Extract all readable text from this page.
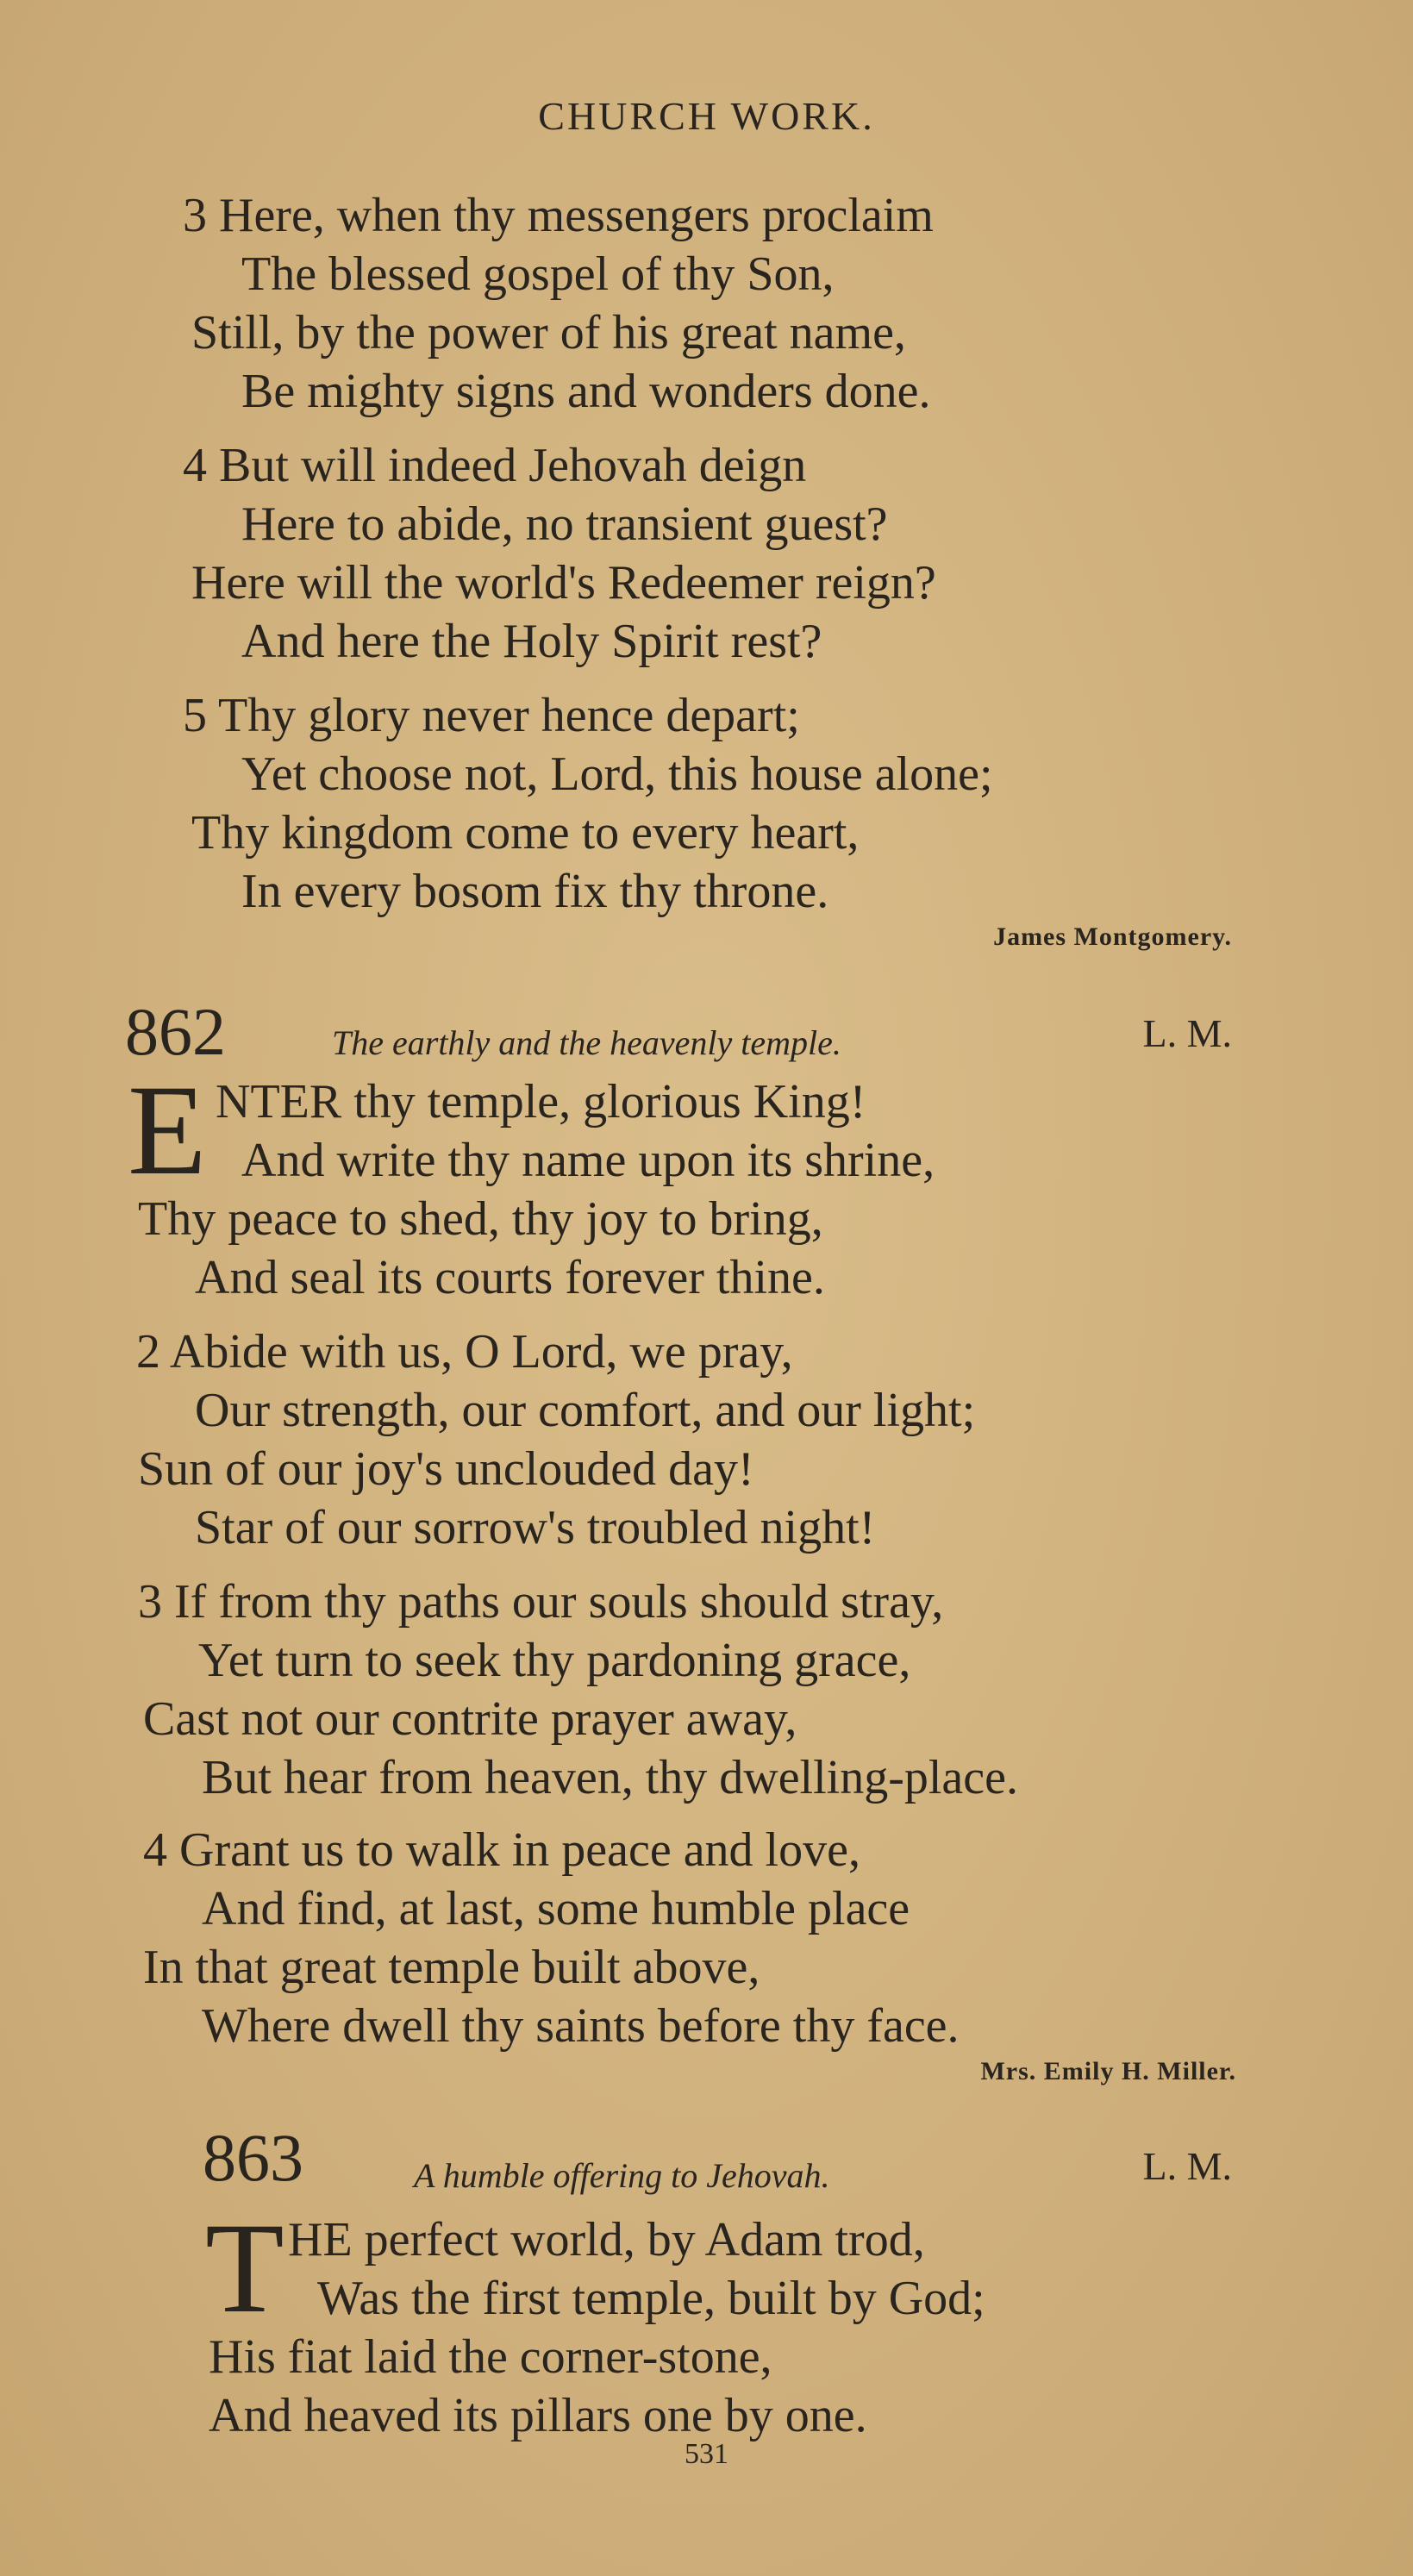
CHURCH WORK.
3 Here, when thy messengers proclaim
The blessed gospel of thy Son,
Still, by the power of his great name,
Be mighty signs and wonders done.
4 But will indeed Jehovah deign
Here to abide, no transient guest?
Here will the world's Redeemer reign?
And here the Holy Spirit rest?
5 Thy glory never hence depart;
Yet choose not, Lord, this house alone;
Thy kingdom come to every heart,
In every bosom fix thy throne.
James Montgomery.
862	The earthly and the heavenly temple.	L. M.
E NTER thy temple, glorious King!
And write thy name upon its shrine,
Thy peace to shed, thy joy to bring,
And seal its courts forever thine.
2 Abide with us, O Lord, we pray,
Our strength, our comfort, and our light;
Sun of our joy's unclouded day!
Star of our sorrow's troubled night!
3 If from thy paths our souls should stray,
Yet turn to seek thy pardoning grace,
Cast not our contrite prayer away,
But hear from heaven, thy dwelling-place.
4 Grant us to walk in peace and love,
And find, at last, some humble place
In that great temple built above,
Where dwell thy saints before thy face.
Mrs. Emily H. Miller.
863	A humble offering to Jehovah.	L. M.
T HE perfect world, by Adam trod,
Was the first temple, built by God;
His fiat laid the corner-stone,
And heaved its pillars one by one.
531
